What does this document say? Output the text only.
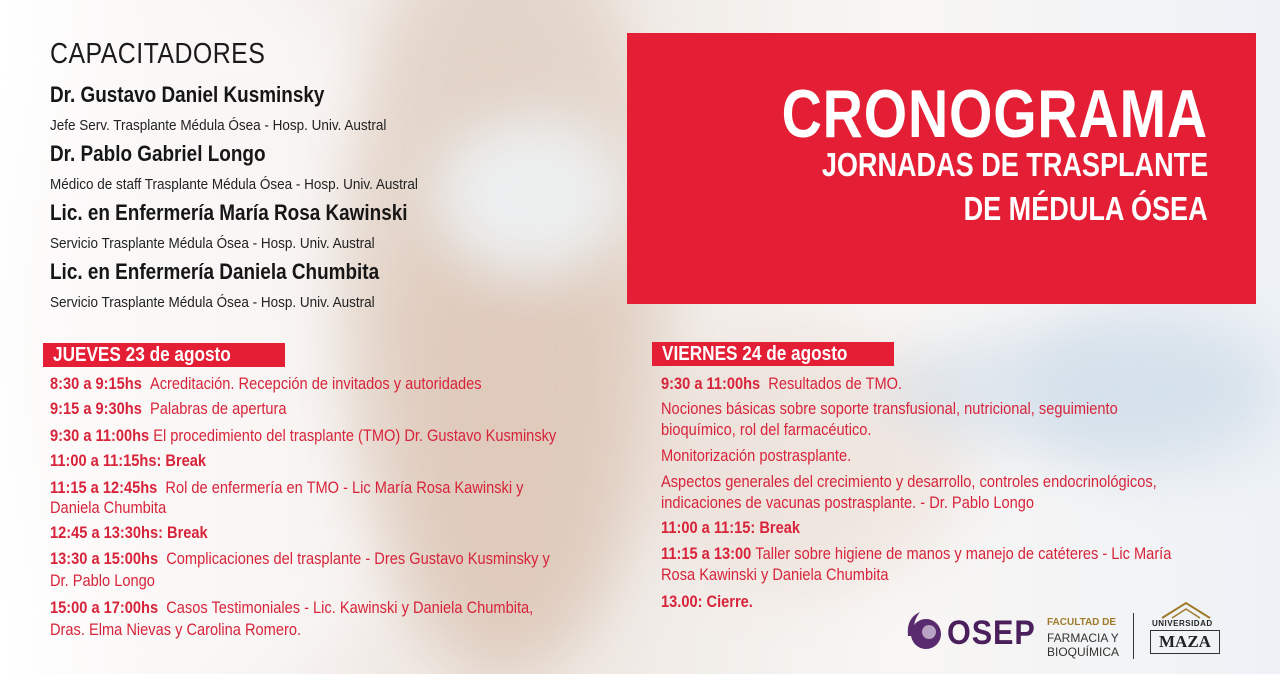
CAPACITADORES
Dr. Gustavo Daniel Kusminsky
Jefe Serv. Trasplante Médula Ósea - Hosp. Univ. Austral
Dr. Pablo Gabriel Longo
Médico de staff Trasplante Médula Ósea - Hosp. Univ. Austral
Lic. en Enfermería María Rosa Kawinski
Servicio Trasplante Médula Ósea - Hosp. Univ. Austral
Lic. en Enfermería Daniela Chumbita
Servicio Trasplante Médula Ósea - Hosp. Univ. Austral
CRONOGRAMA
JORNADAS DE TRASPLANTE
DE MÉDULA ÓSEA
JUEVES 23 de agosto
8:30 a 9:15hs Acreditación. Recepción de invitados y autoridades
9:15 a 9:30hs Palabras de apertura
9:30 a 11:00hs El procedimiento del trasplante (TMO) Dr. Gustavo Kusminsky
11:00 a 11:15hs: Break
11:15 a 12:45hs Rol de enfermería en TMO - Lic María Rosa Kawinski y
Daniela Chumbita
12:45 a 13:30hs: Break
13:30 a 15:00hs Complicaciones del trasplante - Dres Gustavo Kusminsky y
Dr. Pablo Longo
15:00 a 17:00hs Casos Testimoniales - Lic. Kawinski y Daniela Chumbita,
Dras. Elma Nievas y Carolina Romero.
VIERNES 24 de agosto
9:30 a 11:00hs Resultados de TMO.
Nociones básicas sobre soporte transfusional, nutricional, seguimiento
bioquímico, rol del farmacéutico.
Monitorización postrasplante.
Aspectos generales del crecimiento y desarrollo, controles endocrinológicos,
indicaciones de vacunas postrasplante. - Dr. Pablo Longo
11:00 a 11:15: Break
11:15 a 13:00 Taller sobre higiene de manos y manejo de catéteres - Lic María
Rosa Kawinski y Daniela Chumbita
13.00: Cierre.
OSEP FACULTAD DE
FARMACIA Y
BIOQUÍMICA
UNIVERSIDAD
MAZA
